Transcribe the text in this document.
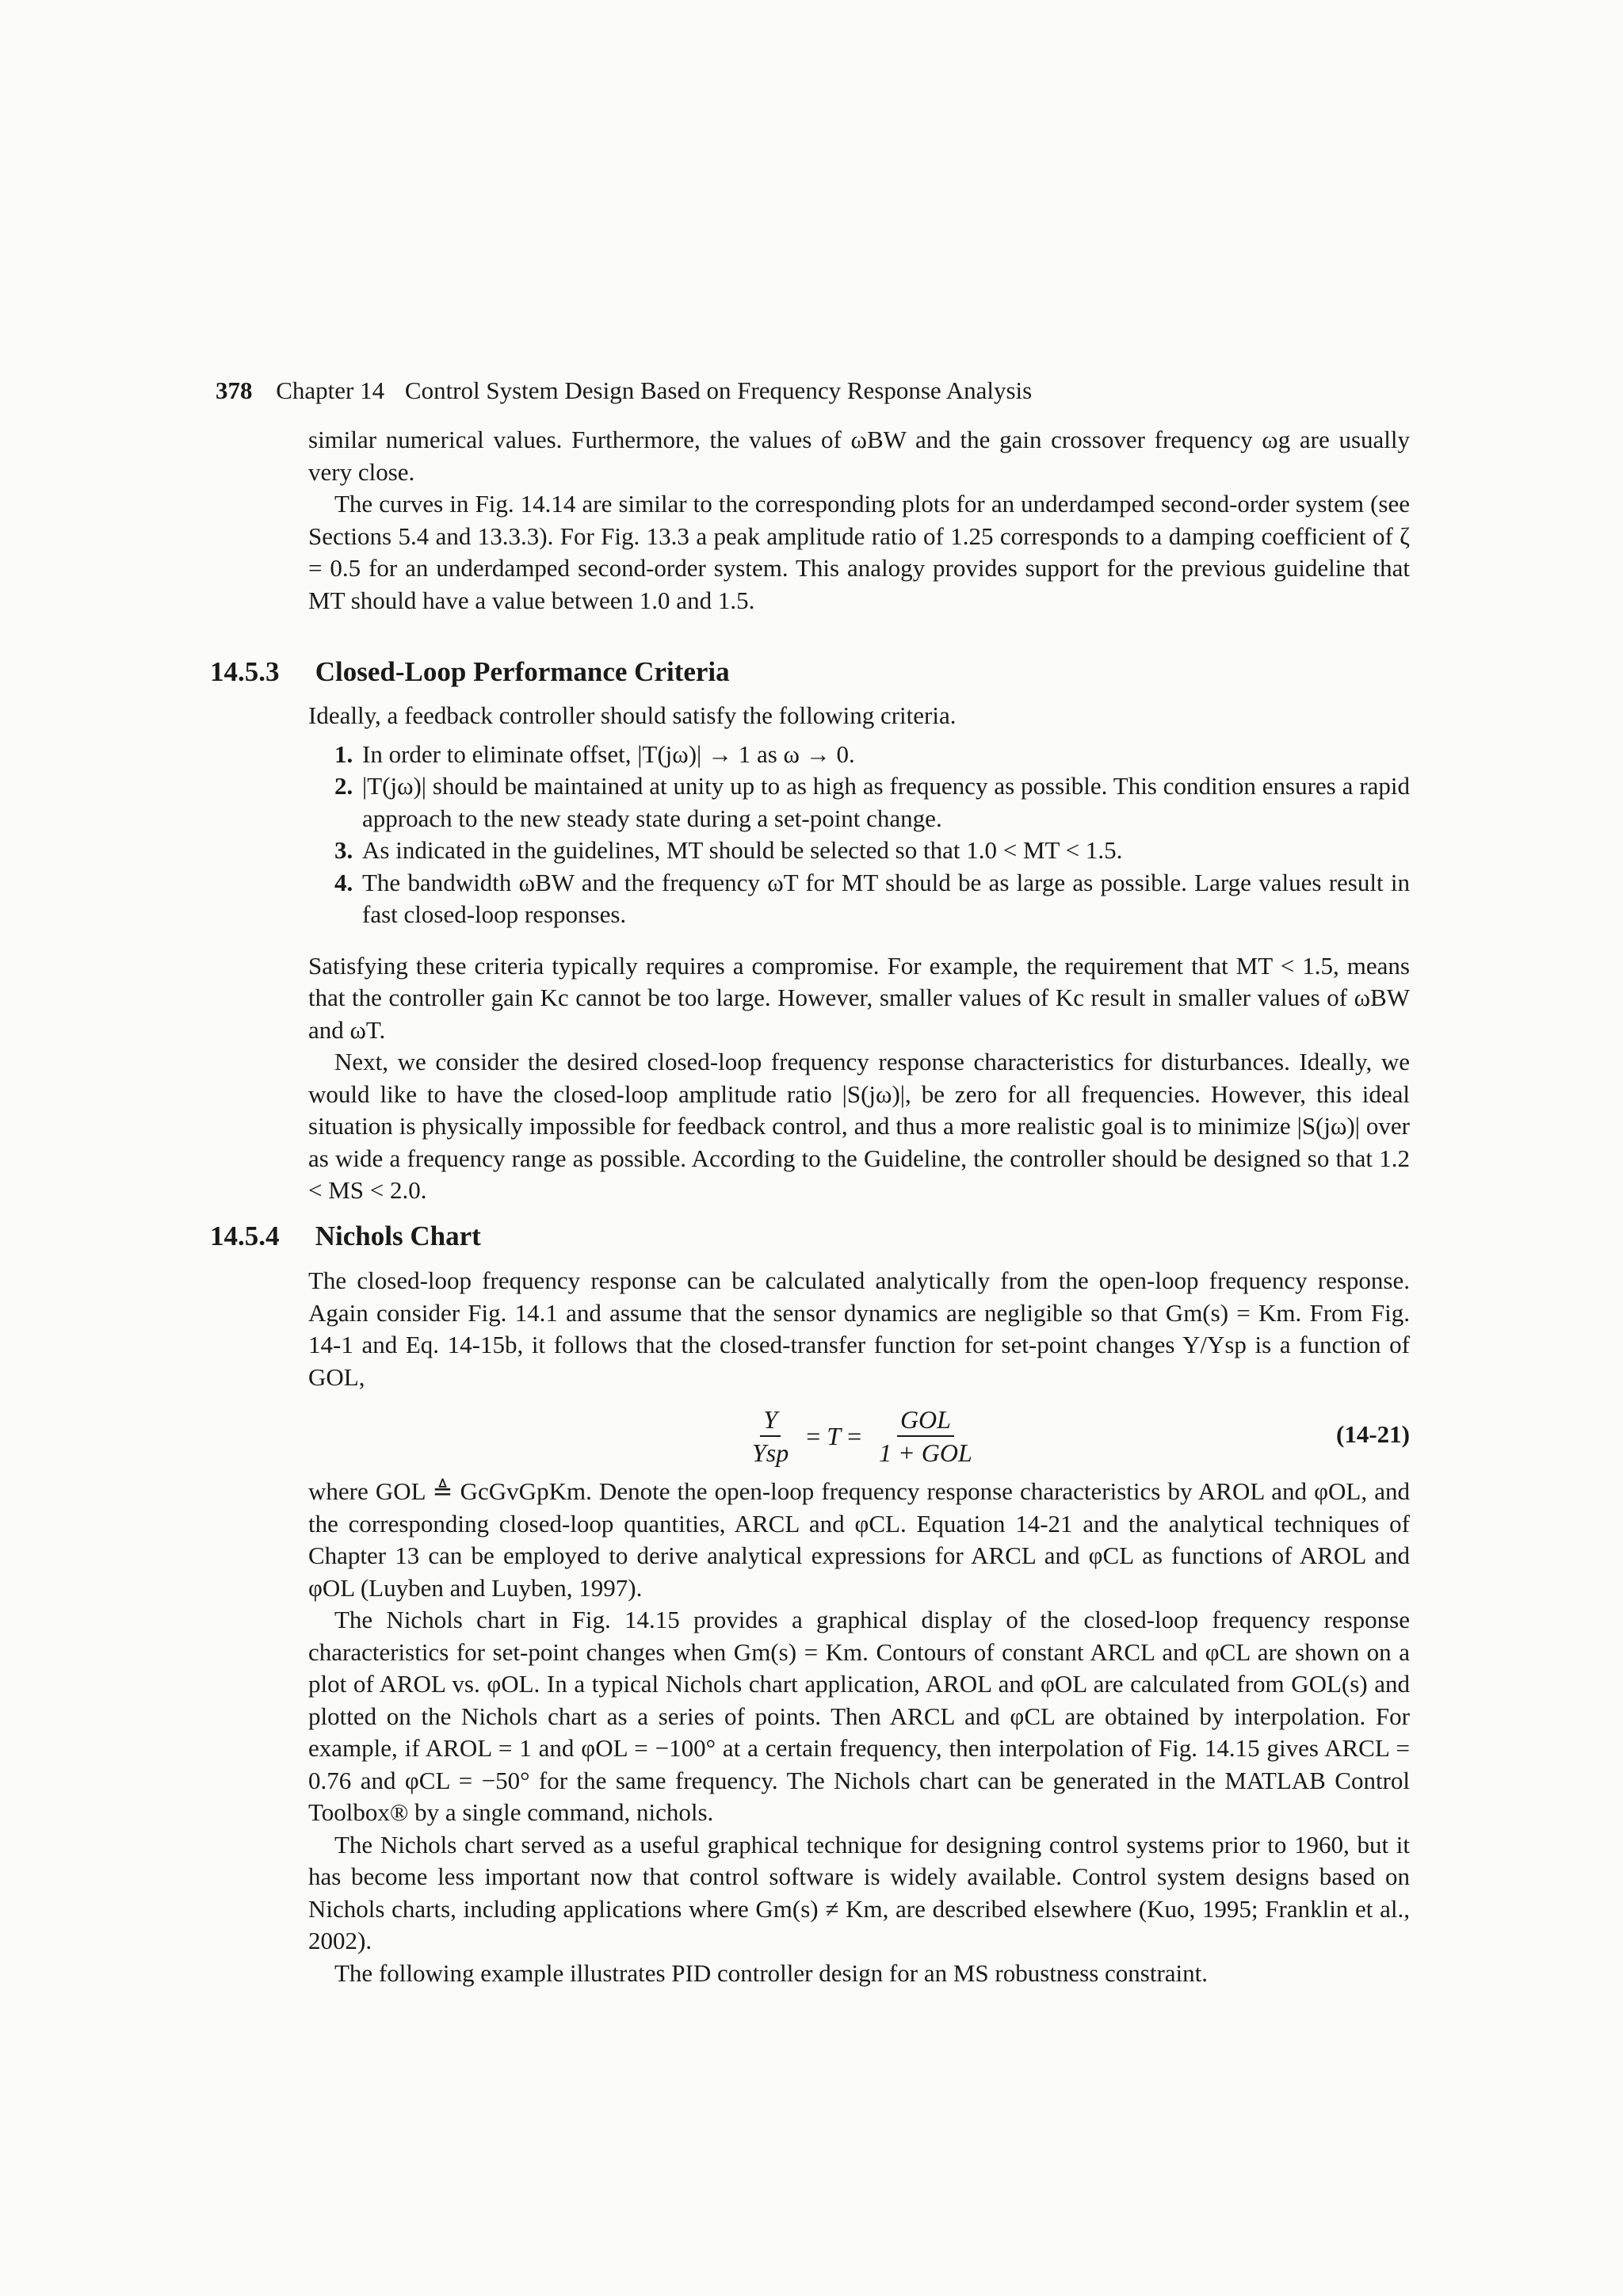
378 Chapter 14 Control System Design Based on Frequency Response Analysis

similar numerical values. Furthermore, the values of ωBW and the gain crossover frequency ωg are usually very close.

The curves in Fig. 14.14 are similar to the corresponding plots for an underdamped second-order system (see Sections 5.4 and 13.3.3). For Fig. 13.3 a peak amplitude ratio of 1.25 corresponds to a damping coefficient of ζ = 0.5 for an underdamped second-order system. This analogy provides support for the previous guideline that MT should have a value between 1.0 and 1.5.

14.5.3 Closed-Loop Performance Criteria

Ideally, a feedback controller should satisfy the following criteria.

1. In order to eliminate offset, |T(jω)| → 1 as ω → 0.
2. |T(jω)| should be maintained at unity up to as high as frequency as possible. This condition ensures a rapid approach to the new steady state during a set-point change.
3. As indicated in the guidelines, MT should be selected so that 1.0 < MT < 1.5.
4. The bandwidth ωBW and the frequency ωT for MT should be as large as possible. Large values result in fast closed-loop responses.

Satisfying these criteria typically requires a compromise. For example, the requirement that MT < 1.5, means that the controller gain Kc cannot be too large. However, smaller values of Kc result in smaller values of ωBW and ωT.

Next, we consider the desired closed-loop frequency response characteristics for disturbances. Ideally, we would like to have the closed-loop amplitude ratio |S(jω)|, be zero for all frequencies. However, this ideal situation is physically impossible for feedback control, and thus a more realistic goal is to minimize |S(jω)| over as wide a frequency range as possible. According to the Guideline, the controller should be designed so that 1.2 < MS < 2.0.

14.5.4 Nichols Chart

The closed-loop frequency response can be calculated analytically from the open-loop frequency response. Again consider Fig. 14.1 and assume that the sensor dynamics are negligible so that Gm(s) = Km. From Fig. 14-1 and Eq. 14-15b, it follows that the closed-transfer function for set-point changes Y/Ysp is a function of GOL,

$\frac{Y}{\text{Ysp}} = T = \frac{\text{GOL}}{\text{1 + GOL}}$	(14-21)

where GOL ≜ GcGvGpKm. Denote the open-loop frequency response characteristics by AROL and φOL, and the corresponding closed-loop quantities, ARCL and φCL. Equation 14-21 and the analytical techniques of Chapter 13 can be employed to derive analytical expressions for ARCL and φCL as functions of AROL and φOL (Luyben and Luyben, 1997).

The Nichols chart in Fig. 14.15 provides a graphical display of the closed-loop frequency response characteristics for set-point changes when Gm(s) = Km. Contours of constant ARCL and φCL are shown on a plot of AROL vs. φOL. In a typical Nichols chart application, AROL and φOL are calculated from GOL(s) and plotted on the Nichols chart as a series of points. Then ARCL and φCL are obtained by interpolation. For example, if AROL = 1 and φOL = −100° at a certain frequency, then interpolation of Fig. 14.15 gives ARCL = 0.76 and φCL = −50° for the same frequency. The Nichols chart can be generated in the MATLAB Control Toolbox® by a single command, nichols.

The Nichols chart served as a useful graphical technique for designing control systems prior to 1960, but it has become less important now that control software is widely available. Control system designs based on Nichols charts, including applications where Gm(s) ≠ Km, are described elsewhere (Kuo, 1995; Franklin et al., 2002).

The following example illustrates PID controller design for an MS robustness constraint.
